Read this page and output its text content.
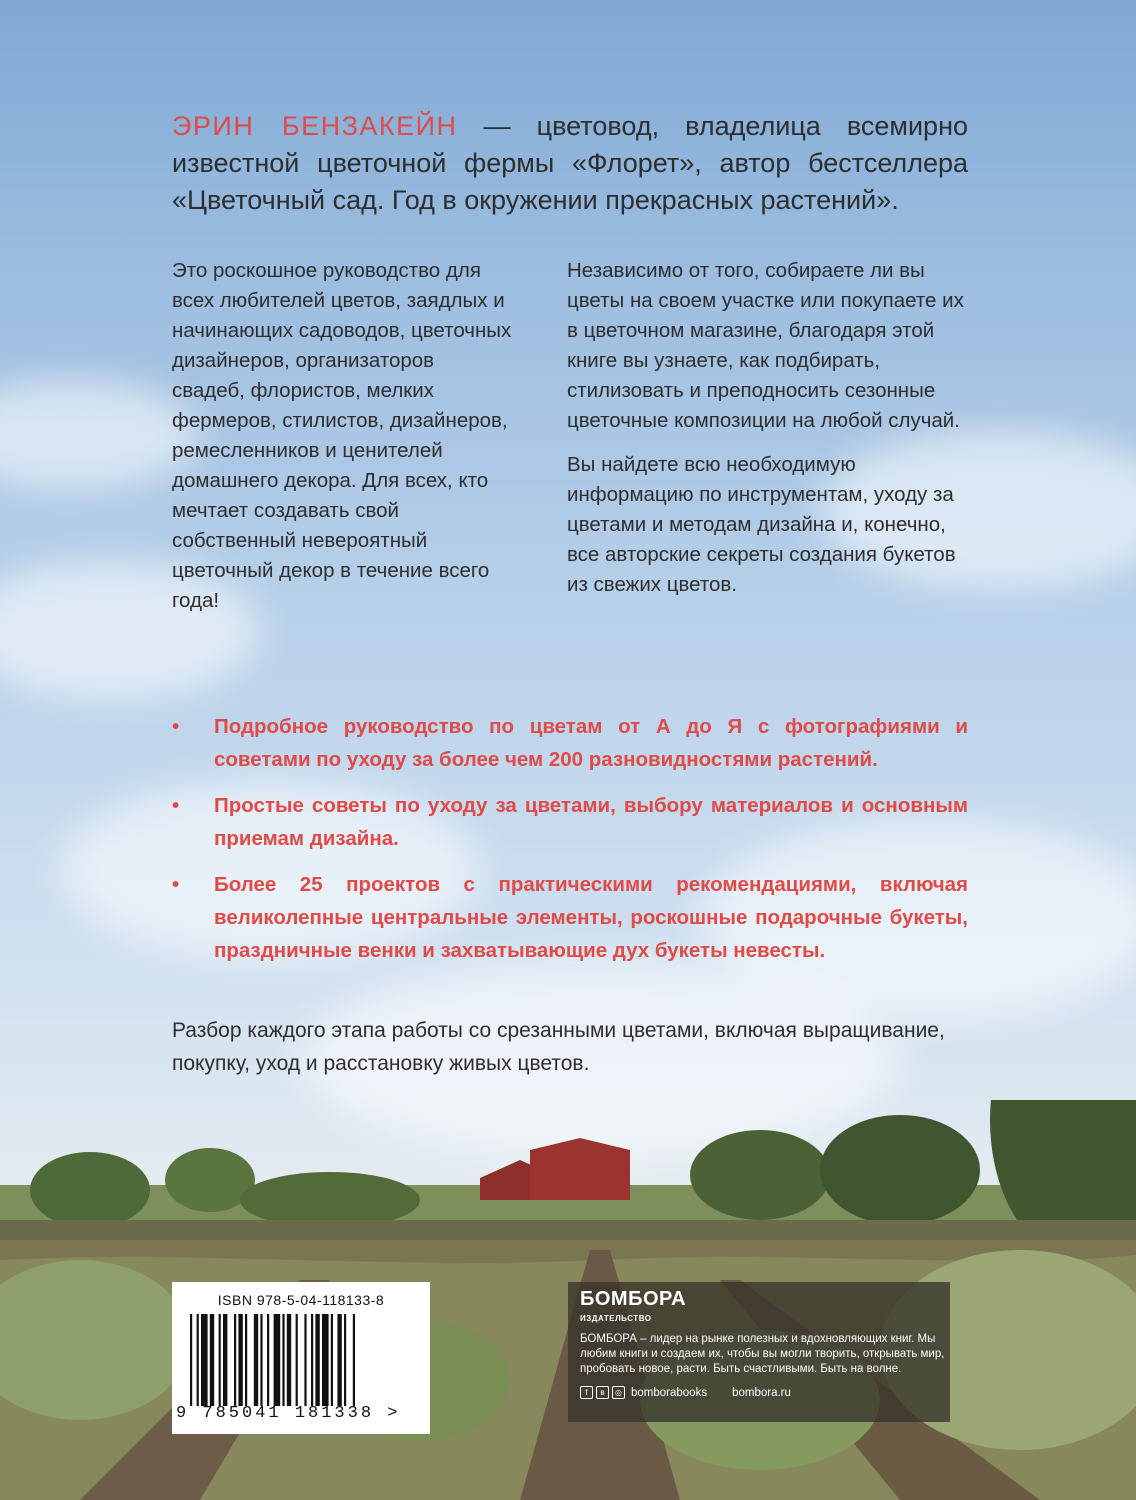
ЭРИН БЕНЗАКЕЙН — цветовод, владелица всемирно известной цветочной фермы «Флорет», автор бестселлера «Цветочный сад. Год в окружении прекрасных растений».

Это роскошное руководство для всех любителей цветов, заядлых и начинающих садоводов, цветочных дизайнеров, организаторов свадеб, флористов, мелких фермеров, стилистов, дизайнеров, ремесленников и ценителей домашнего декора. Для всех, кто мечтает создавать свой собственный невероятный цветочный декор в течение всего года!

Независимо от того, собираете ли вы цветы на своем участке или покупаете их в цветочном магазине, благодаря этой книге вы узнаете, как подбирать, стилизовать и преподносить сезонные цветочные композиции на любой случай.

Вы найдете всю необходимую информацию по инструментам, уходу за цветами и методам дизайна и, конечно, все авторские секреты создания букетов из свежих цветов.

• Подробное руководство по цветам от А до Я с фотографиями и советами по уходу за более чем 200 разновидностями растений.
• Простые советы по уходу за цветами, выбору материалов и основным приемам дизайна.
• Более 25 проектов с практическими рекомендациями, включая великолепные центральные элементы, роскошные подарочные букеты, праздничные венки и захватывающие дух букеты невесты.
Разбор каждого этапа работы со срезанными цветами, включая выращивание, покупку, уход и расстановку живых цветов.
ISBN 978-5-04-118133-8
9 785041 181338 >
БОМБОРА
ИЗДАТЕЛЬСТВО
БОМБОРА – лидер на рынке полезных и вдохновляющих книг. Мы любим книги и создаем их, чтобы вы могли творить, открывать мир, пробовать новое, расти. Быть счастливыми. Быть на волне.
f	в	◎ bomborabooks bombora.ru
